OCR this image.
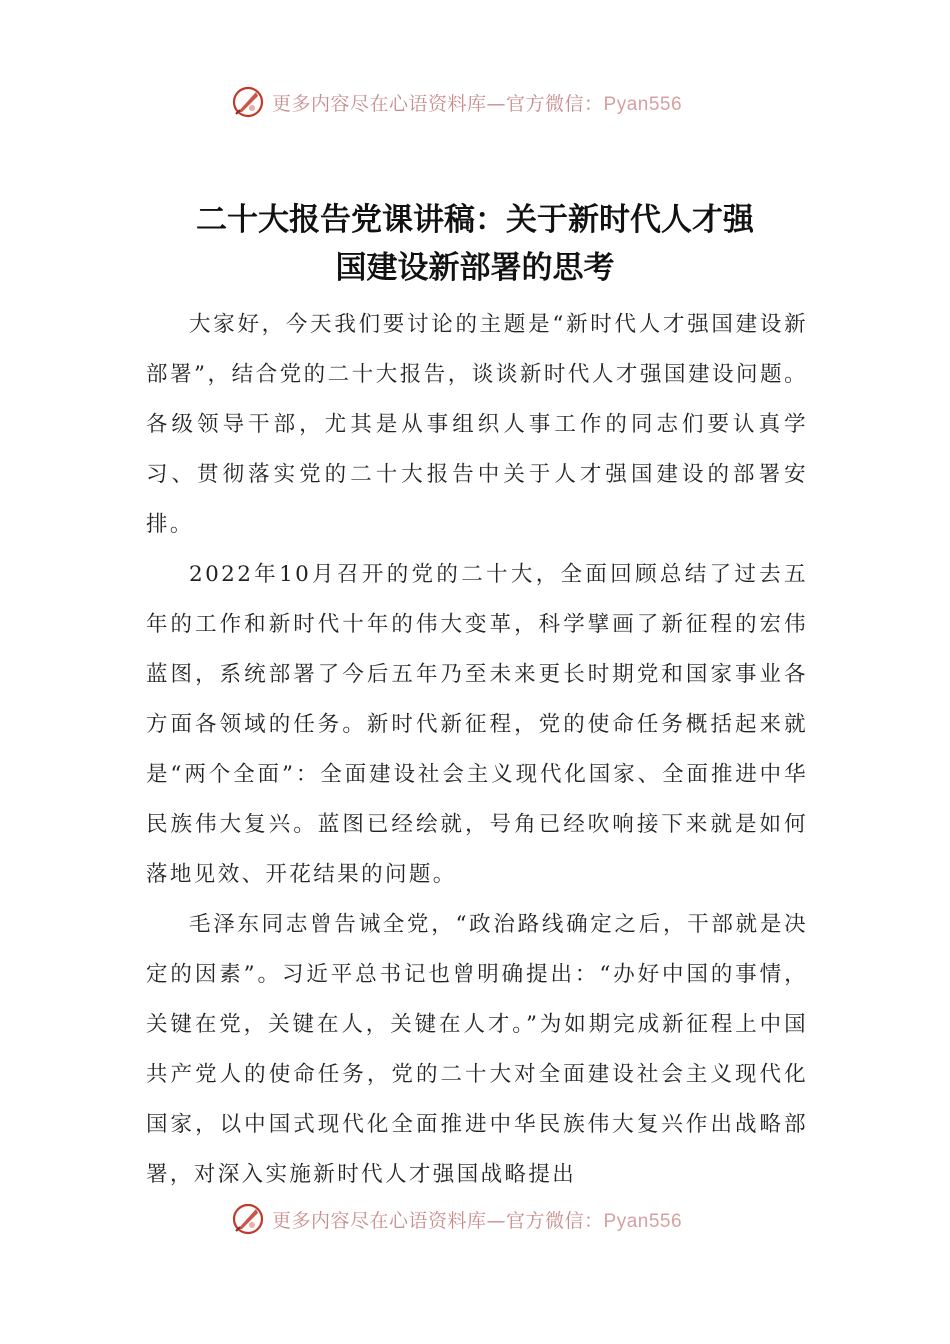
更多内容尽在心语资料库—官方微信：Pyan556
二十大报告党课讲稿：关于新时代人才强
国建设新部署的思考

大家好，今天我们要讨论的主题是“新时代人才强国建设新部署”，结合党的二十大报告，谈谈新时代人才强国建设问题。各级领导干部，尤其是从事组织人事工作的同志们要认真学习、贯彻落实党的二十大报告中关于人才强国建设的部署安排。

2022年10月召开的党的二十大，全面回顾总结了过去五年的工作和新时代十年的伟大变革，科学擘画了新征程的宏伟蓝图，系统部署了今后五年乃至未来更长时期党和国家事业各方面各领域的任务。新时代新征程，党的使命任务概括起来就是“两个全面”：全面建设社会主义现代化国家、全面推进中华民族伟大复兴。蓝图已经绘就，号角已经吹响接下来就是如何落地见效、开花结果的问题。

毛泽东同志曾告诫全党，“政治路线确定之后，干部就是决定的因素”。习近平总书记也曾明确提出：“办好中国的事情，关键在党，关键在人，关键在人才。”为如期完成新征程上中国共产党人的使命任务，党的二十大对全面建设社会主义现代化国家，以中国式现代化全面推进中华民族伟大复兴作出战略部署，对深入实施新时代人才强国战略提出

更多内容尽在心语资料库—官方微信：Pyan556
